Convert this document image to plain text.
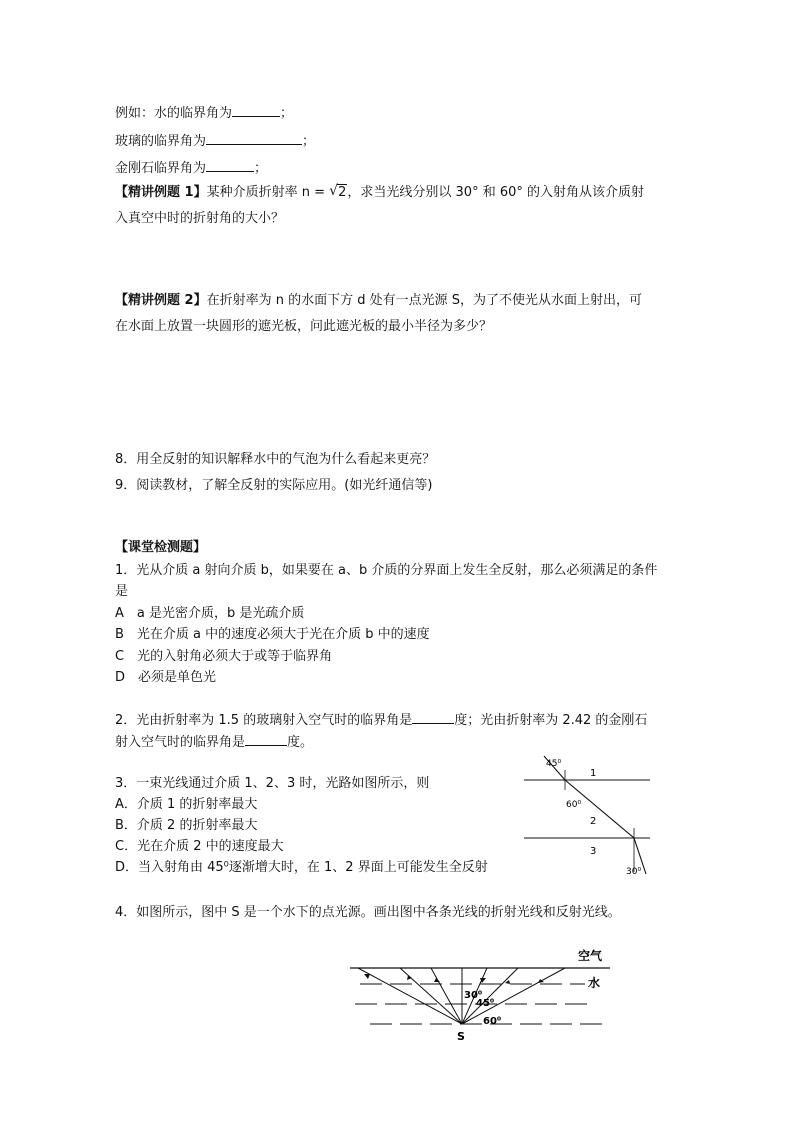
例如：水的临界角为	；
玻璃的临界角为	；
金刚石临界角为	；
【精讲例题 1】某种介质折射率 n = √ 2，求当光线分别以 30° 和 60° 的入射角从该介质射
入真空中时的折射角的大小？
【精讲例题 2】在折射率为 n 的水面下方 d 处有一点光源 S，为了不使光从水面上射出，可
在水面上放置一块圆形的遮光板，问此遮光板的最小半径为多少？
8．用全反射的知识解释水中的气泡为什么看起来更亮？
9．阅读教材，了解全反射的实际应用。(如光纤通信等)
【课堂检测题】
1．光从介质 a 射向介质 b，如果要在 a、b 介质的分界面上发生全反射，那么必须满足的条件
是
A　a 是光密介质，b 是光疏介质
B　光在介质 a 中的速度必须大于光在介质 b 中的速度
C　光的入射角必须大于或等于临界角
D　必须是单色光
2．光由折射率为 1.5 的玻璃射入空气时的临界角是	度；光由折射率为 2.42 的金刚石
射入空气时的临界角是	度。
3．一束光线通过介质 1、2、3 时，光路如图所示，则
A．介质 1 的折射率最大
B．介质 2 的折射率最大
C．光在介质 2 中的速度最大
D．当入射角由 45⁰逐渐增大时，在 1、2 界面上可能发生全反射
45⁰
60⁰
30⁰
1
2
3
4．如图所示，图中 S 是一个水下的点光源。画出图中各条光线的折射光线和反射光线。
空气
水
30⁰
45⁰
60⁰
S
